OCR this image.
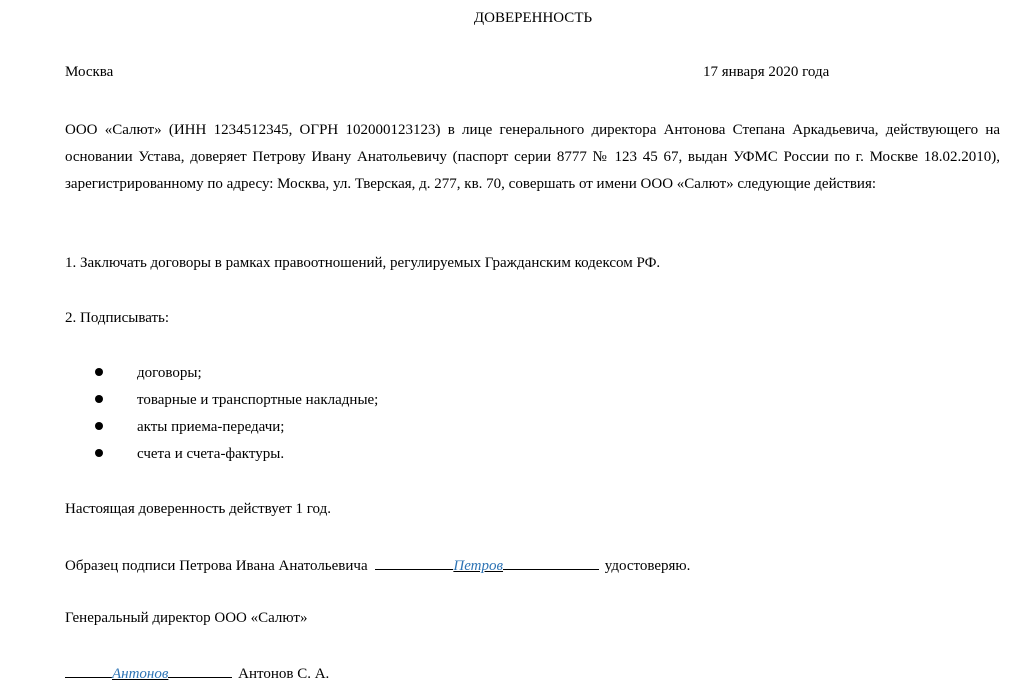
ДОВЕРЕННОСТЬ
Москва	17 января 2020 года
ООО «Салют» (ИНН 1234512345, ОГРН 102000123123) в лице генерального директора Антонова Степана Аркадьевича, действующего на основании Устава, доверяет Петрову Ивану Анатольевичу (паспорт серии 8777 № 123 45 67, выдан УФМС России по г. Москве 18.02.2010), зарегистрированному по адресу: Москва, ул. Тверская, д. 277, кв. 70, совершать от имени ООО «Салют» следующие действия:
1. Заключать договоры в рамках правоотношений, регулируемых Гражданским кодексом РФ.
2. Подписывать:
договоры;
товарные и транспортные накладные;
акты приема-передачи;
счета и счета-фактуры.
Настоящая доверенность действует 1 год.
Образец подписи Петрова Ивана Анатольевича	Петров	удостоверяю.
Генеральный директор ООО «Салют»
Антонов	Антонов С. А.
